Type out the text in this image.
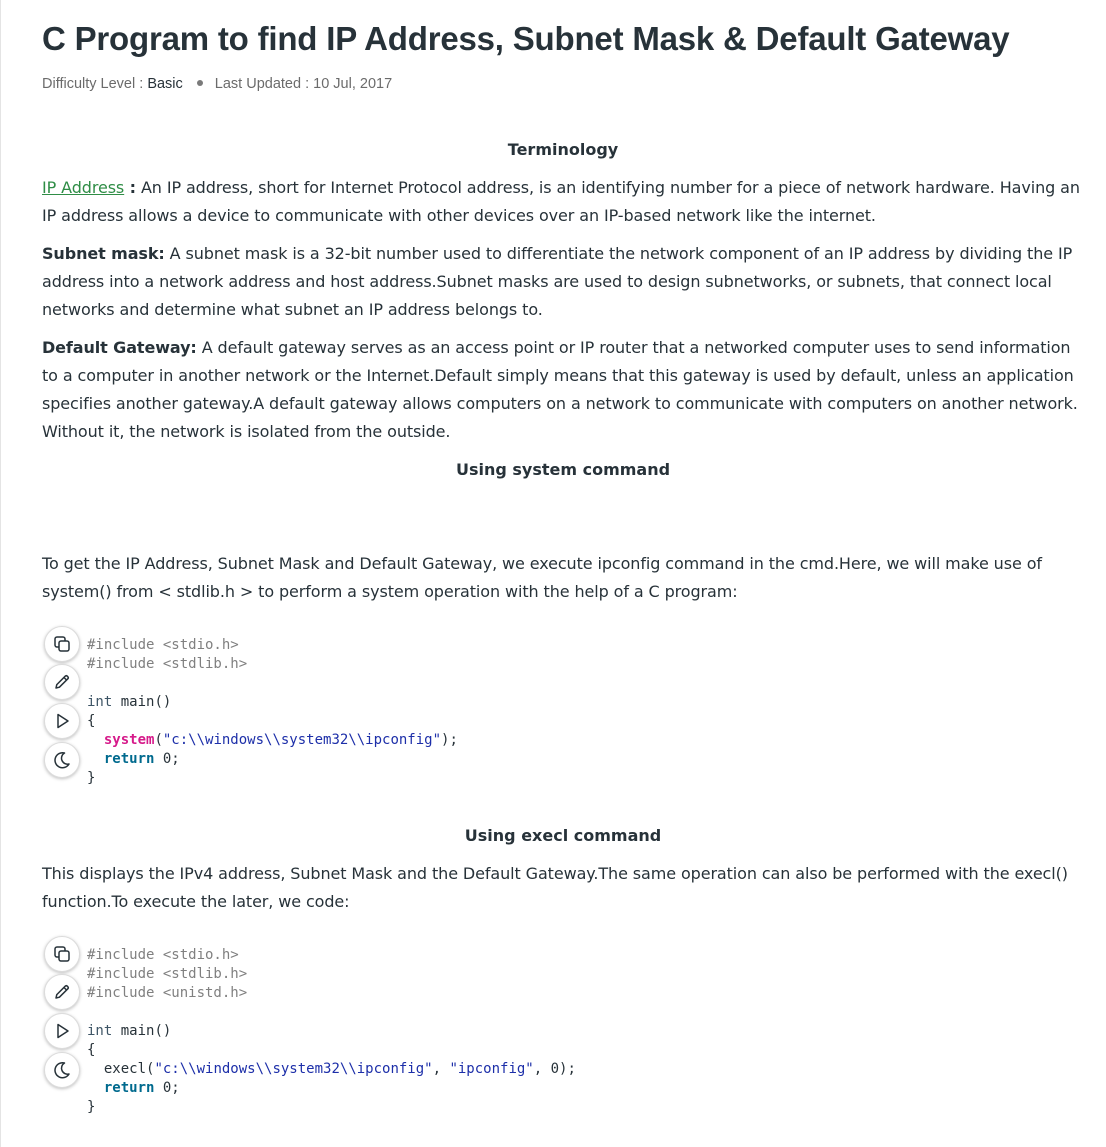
C Program to find IP Address, Subnet Mask & Default Gateway
Difficulty Level : Basic Last Updated : 10 Jul, 2017
Terminology

IP Address : An IP address, short for Internet Protocol address, is an identifying number for a piece of network hardware. Having an IP address allows a device to communicate with other devices over an IP-based network like the internet.

Subnet mask: A subnet mask is a 32-bit number used to differentiate the network component of an IP address by dividing the IP address into a network address and host address.Subnet masks are used to design subnetworks, or subnets, that connect local networks and determine what subnet an IP address belongs to.

Default Gateway: A default gateway serves as an access point or IP router that a networked computer uses to send information to a computer in another network or the Internet.Default simply means that this gateway is used by default, unless an application specifies another gateway.A default gateway allows computers on a network to communicate with computers on another network. Without it, the network is isolated from the outside.

Using system command

To get the IP Address, Subnet Mask and Default Gateway, we execute ipconfig command in the cmd.Here, we will make use of system() from < stdlib.h > to perform a system operation with the help of a C program:

#include <stdio.h>
#include <stdlib.h>

int main()
{
system("c:\\windows\\system32\\ipconfig");
return 0;
}
Using execl command

This displays the IPv4 address, Subnet Mask and the Default Gateway.The same operation can also be performed with the execl() function.To execute the later, we code:

#include <stdio.h>
#include <stdlib.h>
#include <unistd.h>

int main()
{
execl("c:\\windows\\system32\\ipconfig", "ipconfig", 0);
return 0;
}
